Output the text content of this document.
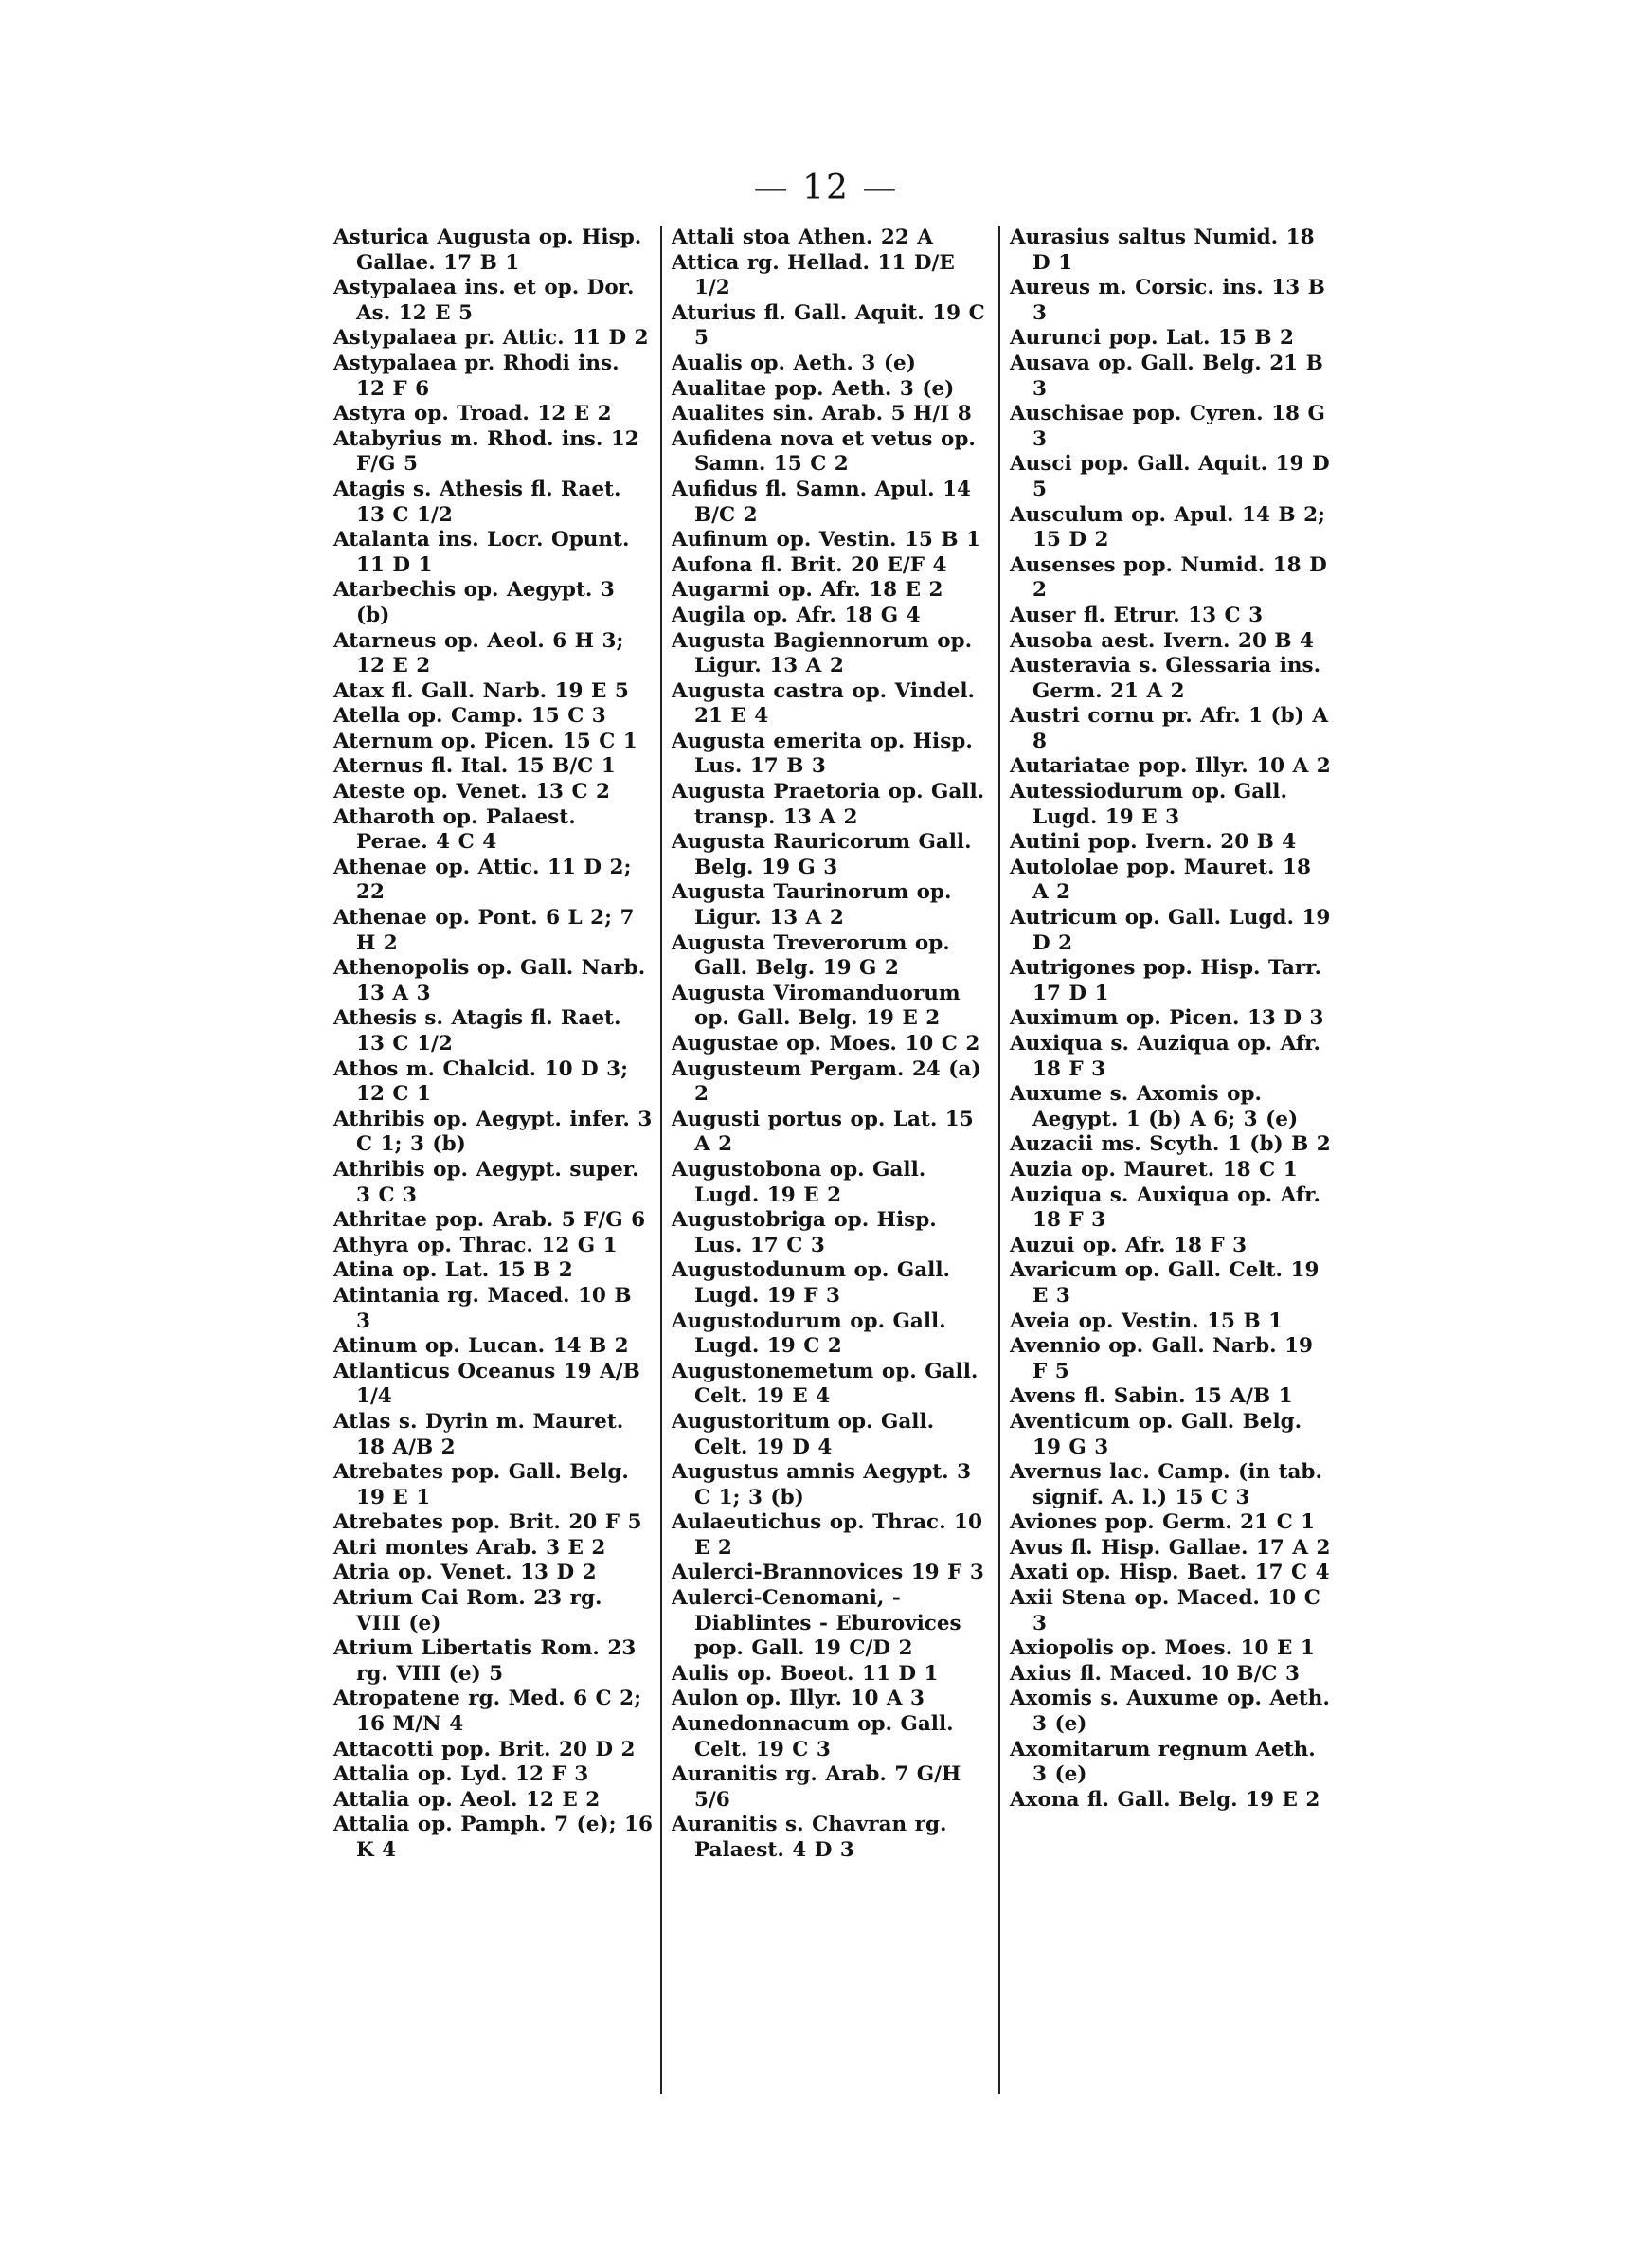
— 12 —

Asturica Augusta op. Hisp. Gallae. 17 B 1

Astypalaea ins. et op. Dor. As. 12 E 5

Astypalaea pr. Attic. 11 D 2

Astypalaea pr. Rhodi ins. 12 F 6

Astyra op. Troad. 12 E 2

Atabyrius m. Rhod. ins. 12 F/G 5

Atagis s. Athesis fl. Raet. 13 C 1/2

Atalanta ins. Locr. Opunt. 11 D 1

Atarbechis op. Aegypt. 3 (b)

Atarneus op. Aeol. 6 H 3; 12 E 2

Atax fl. Gall. Narb. 19 E 5

Atella op. Camp. 15 C 3

Aternum op. Picen. 15 C 1

Aternus fl. Ital. 15 B/C 1

Ateste op. Venet. 13 C 2

Atharoth op. Palaest. Perae. 4 C 4

Athenae op. Attic. 11 D 2; 22

Athenae op. Pont. 6 L 2; 7 H 2

Athenopolis op. Gall. Narb. 13 A 3

Athesis s. Atagis fl. Raet. 13 C 1/2

Athos m. Chalcid. 10 D 3; 12 C 1

Athribis op. Aegypt. infer. 3 C 1; 3 (b)

Athribis op. Aegypt. super. 3 C 3

Athritae pop. Arab. 5 F/G 6

Athyra op. Thrac. 12 G 1

Atina op. Lat. 15 B 2

Atintania rg. Maced. 10 B 3

Atinum op. Lucan. 14 B 2

Atlanticus Oceanus 19 A/B 1/4

Atlas s. Dyrin m. Mauret. 18 A/B 2

Atrebates pop. Gall. Belg. 19 E 1

Atrebates pop. Brit. 20 F 5

Atri montes Arab. 3 E 2

Atria op. Venet. 13 D 2

Atrium Cai Rom. 23 rg. VIII (e)

Atrium Libertatis Rom. 23 rg. VIII (e) 5

Atropatene rg. Med. 6 C 2; 16 M/N 4

Attacotti pop. Brit. 20 D 2

Attalia op. Lyd. 12 F 3

Attalia op. Aeol. 12 E 2

Attalia op. Pamph. 7 (e); 16 K 4

Attali stoa Athen. 22 A

Attica rg. Hellad. 11 D/E 1/2

Aturius fl. Gall. Aquit. 19 C 5

Aualis op. Aeth. 3 (e)

Aualitae pop. Aeth. 3 (e)

Aualites sin. Arab. 5 H/I 8

Aufidena nova et vetus op. Samn. 15 C 2

Aufidus fl. Samn. Apul. 14 B/C 2

Aufinum op. Vestin. 15 B 1

Aufona fl. Brit. 20 E/F 4

Augarmi op. Afr. 18 E 2

Augila op. Afr. 18 G 4

Augusta Bagiennorum op. Ligur. 13 A 2

Augusta castra op. Vindel. 21 E 4

Augusta emerita op. Hisp. Lus. 17 B 3

Augusta Praetoria op. Gall. transp. 13 A 2

Augusta Rauricorum Gall. Belg. 19 G 3

Augusta Taurinorum op. Ligur. 13 A 2

Augusta Treverorum op. Gall. Belg. 19 G 2

Augusta Viromanduorum op. Gall. Belg. 19 E 2

Augustae op. Moes. 10 C 2

Augusteum Pergam. 24 (a) 2

Augusti portus op. Lat. 15 A 2

Augustobona op. Gall. Lugd. 19 E 2

Augustobriga op. Hisp. Lus. 17 C 3

Augustodunum op. Gall. Lugd. 19 F 3

Augustodurum op. Gall. Lugd. 19 C 2

Augustonemetum op. Gall. Celt. 19 E 4

Augustoritum op. Gall. Celt. 19 D 4

Augustus amnis Aegypt. 3 C 1; 3 (b)

Aulaeutichus op. Thrac. 10 E 2

Aulerci-Brannovices 19 F 3

Aulerci-Cenomani, -Diablintes - Eburovices pop. Gall. 19 C/D 2

Aulis op. Boeot. 11 D 1

Aulon op. Illyr. 10 A 3

Aunedonnacum op. Gall. Celt. 19 C 3

Auranitis rg. Arab. 7 G/H 5/6

Auranitis s. Chavran rg. Palaest. 4 D 3

Aurasius saltus Numid. 18 D 1

Aureus m. Corsic. ins. 13 B 3

Aurunci pop. Lat. 15 B 2

Ausava op. Gall. Belg. 21 B 3

Auschisae pop. Cyren. 18 G 3

Ausci pop. Gall. Aquit. 19 D 5

Ausculum op. Apul. 14 B 2; 15 D 2

Ausenses pop. Numid. 18 D 2

Auser fl. Etrur. 13 C 3

Ausoba aest. Ivern. 20 B 4

Austeravia s. Glessaria ins. Germ. 21 A 2

Austri cornu pr. Afr. 1 (b) A 8

Autariatae pop. Illyr. 10 A 2

Autessiodurum op. Gall. Lugd. 19 E 3

Autini pop. Ivern. 20 B 4

Autololae pop. Mauret. 18 A 2

Autricum op. Gall. Lugd. 19 D 2

Autrigones pop. Hisp. Tarr. 17 D 1

Auximum op. Picen. 13 D 3

Auxiqua s. Auziqua op. Afr. 18 F 3

Auxume s. Axomis op. Aegypt. 1 (b) A 6; 3 (e)

Auzacii ms. Scyth. 1 (b) B 2

Auzia op. Mauret. 18 C 1

Auziqua s. Auxiqua op. Afr. 18 F 3

Auzui op. Afr. 18 F 3

Avaricum op. Gall. Celt. 19 E 3

Aveia op. Vestin. 15 B 1

Avennio op. Gall. Narb. 19 F 5

Avens fl. Sabin. 15 A/B 1

Aventicum op. Gall. Belg. 19 G 3

Avernus lac. Camp. (in tab. signif. A. l.) 15 C 3

Aviones pop. Germ. 21 C 1

Avus fl. Hisp. Gallae. 17 A 2

Axati op. Hisp. Baet. 17 C 4

Axii Stena op. Maced. 10 C 3

Axiopolis op. Moes. 10 E 1

Axius fl. Maced. 10 B/C 3

Axomis s. Auxume op. Aeth. 3 (e)

Axomitarum regnum Aeth. 3 (e)

Axona fl. Gall. Belg. 19 E 2
